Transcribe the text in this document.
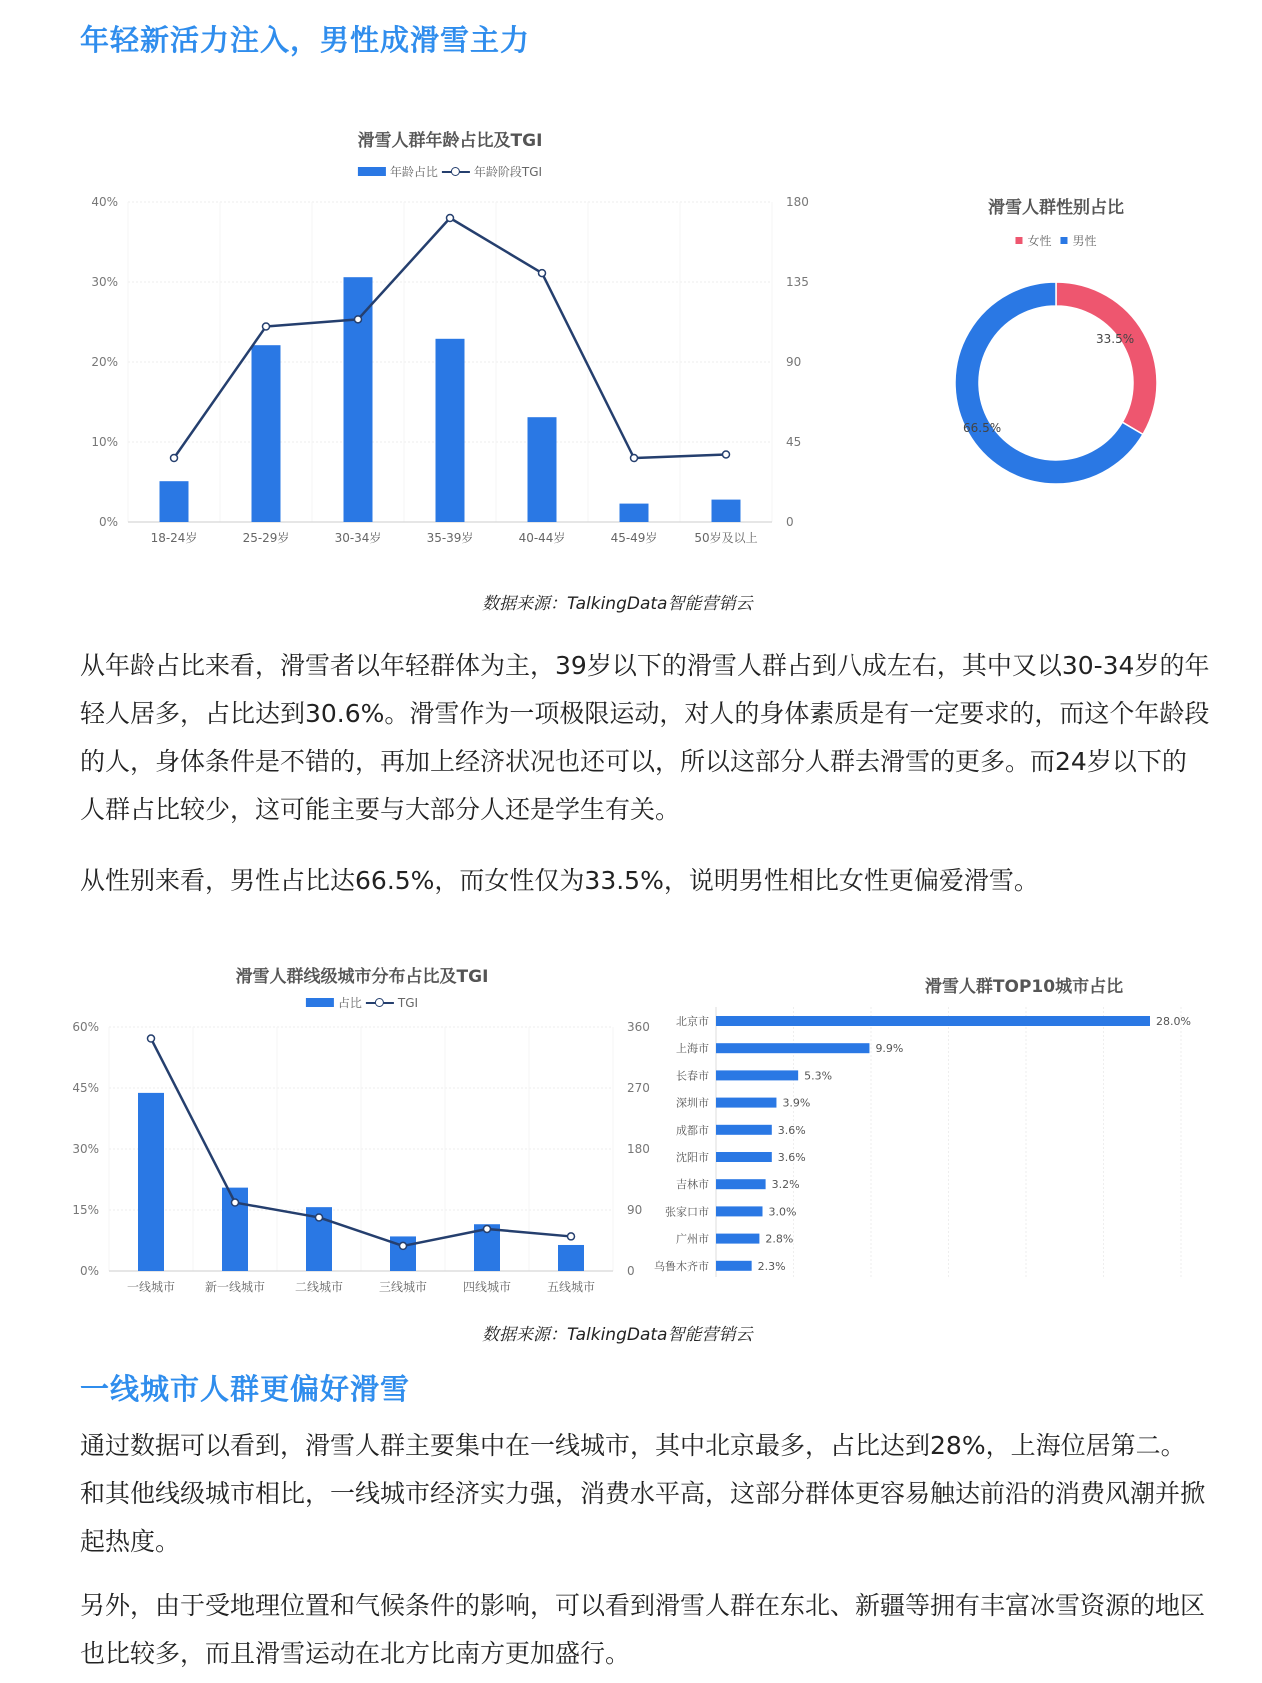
年轻新活力注入，男性成滑雪主力
滑雪人群年龄占比及TGI
年龄占比	年龄阶段TGI
0%	0
10%	45
20%	90
30%	135
40%	180
18-24岁	25-29岁	30-34岁	35-39岁	40-44岁	45-49岁	50岁及以上
滑雪人群性别占比
女性 男性
33.5%
66.5%
数据来源：TalkingData智能营销云
从年龄占比来看，滑雪者以年轻群体为主，39岁以下的滑雪人群占到八成左右，其中又以30-34岁的年轻人居多，占比达到30.6%。滑雪作为一项极限运动，对人的身体素质是有一定要求的，而这个年龄段的人，身体条件是不错的，再加上经济状况也还可以，所以这部分人群去滑雪的更多。而24岁以下的人群占比较少，这可能主要与大部分人还是学生有关。
从性别来看，男性占比达66.5%，而女性仅为33.5%，说明男性相比女性更偏爱滑雪。
滑雪人群线级城市分布占比及TGI
占比	TGI
0%	0
15%	90
30%	180
45%	270
60%	360
一线城市 新一线城市 二线城市	三线城市	四线城市	五线城市
滑雪人群TOP10城市占比
北京市	28.0%
上海市	9.9%
长春市	5.3%
深圳市	3.9%
成都市	3.6%
沈阳市	3.6%
吉林市	3.2%
张家口市	3.0%
广州市	2.8%
乌鲁木齐市	2.3%
数据来源：TalkingData智能营销云
一线城市人群更偏好滑雪
通过数据可以看到，滑雪人群主要集中在一线城市，其中北京最多，占比达到28%，上海位居第二。和其他线级城市相比，一线城市经济实力强，消费水平高，这部分群体更容易触达前沿的消费风潮并掀起热度。
另外，由于受地理位置和气候条件的影响，可以看到滑雪人群在东北、新疆等拥有丰富冰雪资源的地区也比较多，而且滑雪运动在北方比南方更加盛行。
